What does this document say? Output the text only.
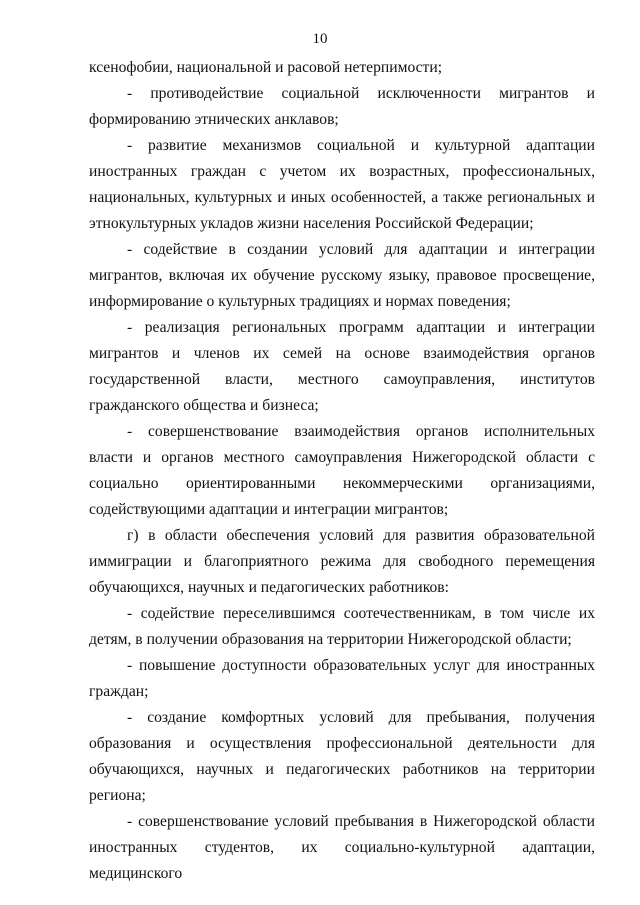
10

ксенофобии, национальной и расовой нетерпимости;

- противодействие социальной исключенности мигрантов и формированию этнических анклавов;

- развитие механизмов социальной и культурной адаптации иностранных граждан с учетом их возрастных, профессиональных, национальных, культурных и иных особенностей, а также региональных и этнокультурных укладов жизни населения Российской Федерации;

- содействие в создании условий для адаптации и интеграции мигрантов, включая их обучение русскому языку, правовое просвещение, информирование о культурных традициях и нормах поведения;

- реализация региональных программ адаптации и интеграции мигрантов и членов их семей на основе взаимодействия органов государственной власти, местного самоуправления, институтов гражданского общества и бизнеса;

- совершенствование взаимодействия органов исполнительных власти и органов местного самоуправления Нижегородской области с социально ориентированными некоммерческими организациями, содействующими адаптации и интеграции мигрантов;

г) в области обеспечения условий для развития образовательной иммиграции и благоприятного режима для свободного перемещения обучающихся, научных и педагогических работников:

- содействие переселившимся соотечественникам, в том числе их детям, в получении образования на территории Нижегородской области;

- повышение доступности образовательных услуг для иностранных граждан;

- создание комфортных условий для пребывания, получения образования и осуществления профессиональной деятельности для обучающихся, научных и педагогических работников на территории региона;

- совершенствование условий пребывания в Нижегородской области иностранных студентов, их социально-культурной адаптации, медицинского
